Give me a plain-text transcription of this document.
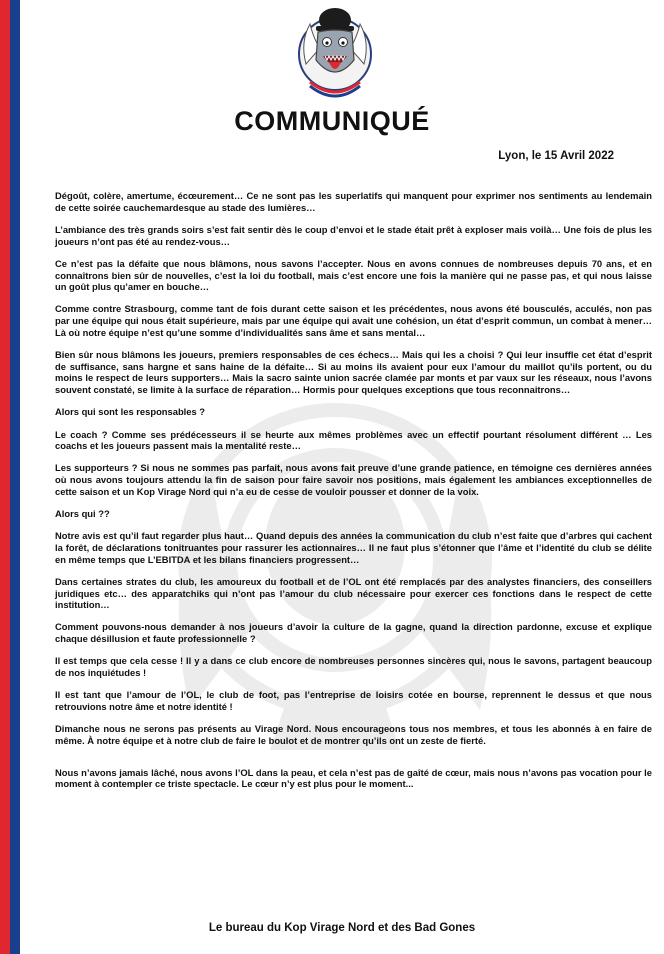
COMMUNIQUÉ
Lyon, le 15 Avril 2022

Dégoût, colère, amertume, écœurement… Ce ne sont pas les superlatifs qui manquent pour exprimer nos sentiments au lendemain de cette soirée cauchemardesque au stade des lumières…

L’ambiance des très grands soirs s’est fait sentir dès le coup d’envoi et le stade était prêt à exploser mais voilà… Une fois de plus les joueurs n’ont pas été au rendez-vous…

Ce n’est pas la défaite que nous blâmons, nous savons l’accepter. Nous en avons connues de nombreuses depuis 70 ans, et en connaîtrons bien sûr de nouvelles, c’est la loi du football, mais c’est encore une fois la manière qui ne passe pas, et qui nous laisse un goût plus qu’amer en bouche…

Comme contre Strasbourg, comme tant de fois durant cette saison et les précédentes, nous avons été bousculés, acculés, non pas par une équipe qui nous était supérieure, mais par une équipe qui avait une cohésion, un état d’esprit commun, un combat à mener… Là où notre équipe n’est qu’une somme d’individualités sans âme et sans mental…

Bien sûr nous blâmons les joueurs, premiers responsables de ces échecs… Mais qui les a choisi ? Qui leur insuffle cet état d’esprit de suffisance, sans hargne et sans haine de la défaite… Si au moins ils avaient pour eux l’amour du maillot qu’ils portent, ou du moins le respect de leurs supporters… Mais la sacro sainte union sacrée clamée par monts et par vaux sur les réseaux, nous l’avons souvent constaté, se limite à la surface de réparation… Hormis pour quelques exceptions que tous reconnaitrons…

Alors qui sont les responsables ?

Le coach ? Comme ses prédécesseurs il se heurte aux mêmes problèmes avec un effectif pourtant résolument différent … Les coachs et les joueurs passent mais la mentalité reste…

Les supporteurs ? Si nous ne sommes pas parfait, nous avons fait preuve d’une grande patience, en témoigne ces dernières années où nous avons toujours attendu la fin de saison pour faire savoir nos positions, mais également les ambiances exceptionnelles de cette saison et un Kop Virage Nord qui n’a eu de cesse de vouloir pousser et donner de la voix.

Alors qui ??

Notre avis est qu’il faut regarder plus haut… Quand depuis des années la communication du club n’est faite que d’arbres qui cachent la forêt, de déclarations tonitruantes pour rassurer les actionnaires… Il ne faut plus s’étonner que l’âme et l’identité du club se délite en même temps que L’EBITDA et les bilans financiers progressent…

Dans certaines strates du club, les amoureux du football et de l’OL ont été remplacés par des analystes financiers, des conseillers juridiques etc… des apparatchiks qui n’ont pas l’amour du club nécessaire pour exercer ces fonctions dans le respect de cette institution…

Comment pouvons-nous demander à nos joueurs d’avoir la culture de la gagne, quand la direction pardonne, excuse et explique chaque désillusion et faute professionnelle ?

Il est temps que cela cesse ! Il y a dans ce club encore de nombreuses personnes sincères qui, nous le savons, partagent beaucoup de nos inquiétudes !

Il est tant que l’amour de l’OL, le club de foot, pas l’entreprise de loisirs cotée en bourse, reprennent le dessus et que nous retrouvions notre âme et notre identité !

Dimanche nous ne serons pas présents au Virage Nord. Nous encourageons tous nos membres, et tous les abonnés à en faire de même. À notre équipe et à notre club de faire le boulot et de montrer qu’ils ont un zeste de fierté.

Nous n’avons jamais lâché, nous avons l’OL dans la peau, et cela n’est pas de gaîté de cœur, mais nous n’avons pas vocation pour le moment à contempler ce triste spectacle. Le cœur n’y est plus pour le moment...

Le bureau du Kop Virage Nord et des Bad Gones
